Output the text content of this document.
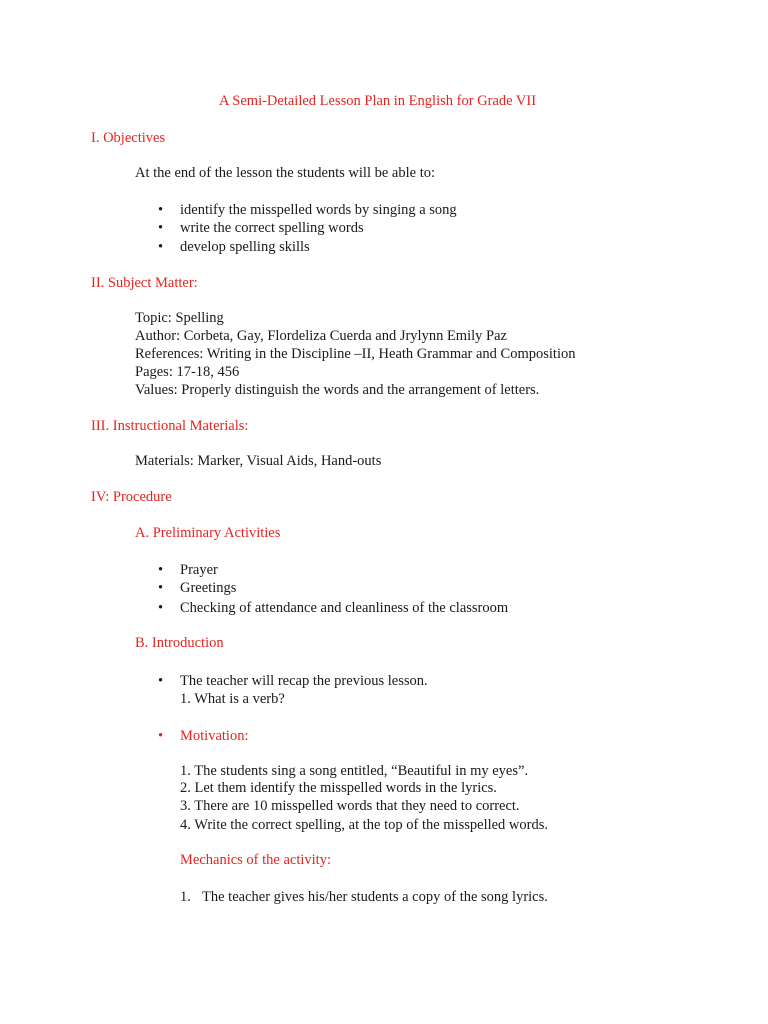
A Semi-Detailed Lesson Plan in English for Grade VII
I. Objectives
At the end of the lesson the students will be able to:
• identify the misspelled words by singing a song
• write the correct spelling words
• develop spelling skills
II. Subject Matter:
Topic: Spelling
Author: Corbeta, Gay, Flordeliza Cuerda and Jrylynn Emily Paz
References: Writing in the Discipline –II, Heath Grammar and Composition
Pages: 17-18, 456
Values: Properly distinguish the words and the arrangement of letters.
III. Instructional Materials:
Materials: Marker, Visual Aids, Hand-outs
IV: Procedure
A. Preliminary Activities
• Prayer
• Greetings
• Checking of attendance and cleanliness of the classroom
B. Introduction
• The teacher will recap the previous lesson.
1. What is a verb?
• Motivation:
1. The students sing a song entitled, “Beautiful in my eyes”.
2. Let them identify the misspelled words in the lyrics.
3. There are 10 misspelled words that they need to correct.
4. Write the correct spelling, at the top of the misspelled words.
Mechanics of the activity:
1. The teacher gives his/her students a copy of the song lyrics.
